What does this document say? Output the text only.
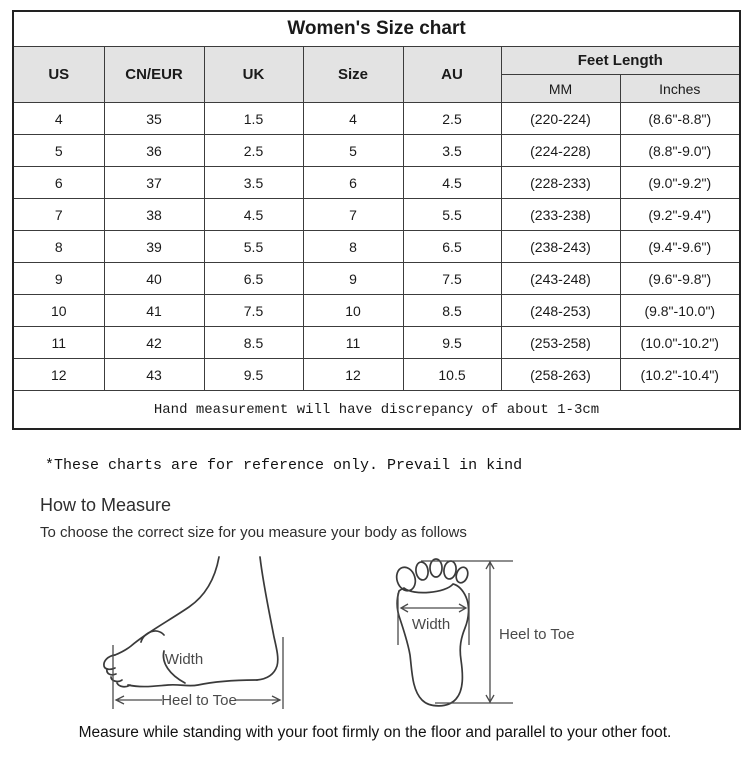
Women's Size chart						
US	CN/EUR	UK	Size	AU	Feet Length	
					MM	Inches
4	35	1.5	4	2.5	(220-224)	(8.6"-8.8")
5	36	2.5	5	3.5	(224-228)	(8.8"-9.0")
6	37	3.5	6	4.5	(228-233)	(9.0"-9.2")
7	38	4.5	7	5.5	(233-238)	(9.2"-9.4")
8	39	5.5	8	6.5	(238-243)	(9.4"-9.6")
9	40	6.5	9	7.5	(243-248)	(9.6"-9.8")
10	41	7.5	10	8.5	(248-253)	(9.8"-10.0")
11	42	8.5	11	9.5	(253-258)	(10.0"-10.2")
12	43	9.5	12	10.5	(258-263)	(10.2"-10.4")
Hand measurement will have discrepancy of about 1-3cm						
*These charts are for reference only. Prevail in kind
How to Measure
To choose the correct size for you measure your body as follows
Width
Heel to Toe
Width
Heel to Toe
Measure while standing with your foot firmly on the floor and parallel to your other foot.
